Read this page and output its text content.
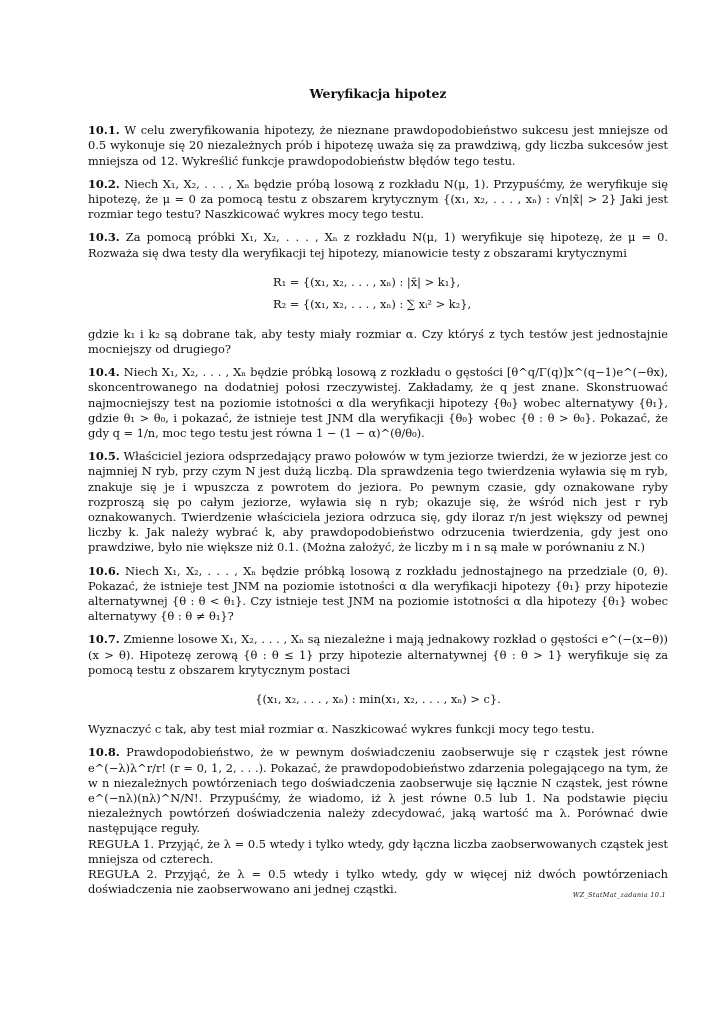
Weryfikacja hipotez

10.1. W celu zweryfikowania hipotezy, że nieznane prawdopodobieństwo sukcesu jest mniejsze od 0.5 wykonuje się 20 niezależnych prób i hipotezę uważa się za prawdziwą, gdy liczba sukcesów jest mniejsza od 12. Wykreślić funkcje prawdopodobieństw błędów tego testu.

10.2. Niech X₁, X₂, . . . , Xₙ będzie próbą losową z rozkładu N(μ, 1). Przypuśćmy, że weryfikuje się hipotezę, że μ = 0 za pomocą testu z obszarem krytycznym {(x₁, x₂, . . . , xₙ) : √n|x̄| > 2} Jaki jest rozmiar tego testu? Naszkicować wykres mocy tego testu.

10.3. Za pomocą próbki X₁, X₂, . . . , Xₙ z rozkładu N(μ, 1) weryfikuje się hipotezę, że μ = 0. Rozważa się dwa testy dla weryfikacji tej hipotezy, mianowicie testy z obszarami krytycznymi
R₁ = {(x₁, x₂, . . . , xₙ) : |x̄| > k₁},
R₂ = {(x₁, x₂, . . . , xₙ) : ∑ xᵢ² > k₂},
gdzie k₁ i k₂ są dobrane tak, aby testy miały rozmiar α. Czy któryś z tych testów jest jednostajnie mocniejszy od drugiego?

10.4. Niech X₁, X₂, . . . , Xₙ będzie próbką losową z rozkładu o gęstości [θ^q/Γ(q)]x^(q−1)e^(−θx), skoncentrowanego na dodatniej połosi rzeczywistej. Zakładamy, że q jest znane. Skonstruować najmocniejszy test na poziomie istotności α dla weryfikacji hipotezy {θ₀} wobec alternatywy {θ₁}, gdzie θ₁ > θ₀, i pokazać, że istnieje test JNM dla weryfikacji {θ₀} wobec {θ : θ > θ₀}. Pokazać, że gdy q = 1/n, moc tego testu jest równa 1 − (1 − α)^(θ/θ₀).

10.5. Właściciel jeziora odsprzedający prawo połowów w tym jeziorze twierdzi, że w jeziorze jest co najmniej N ryb, przy czym N jest dużą liczbą. Dla sprawdzenia tego twierdzenia wyławia się m ryb, znakuje się je i wpuszcza z powrotem do jeziora. Po pewnym czasie, gdy oznakowane ryby rozproszą się po całym jeziorze, wyławia się n ryb; okazuje się, że wśród nich jest r ryb oznakowanych. Twierdzenie właściciela jeziora odrzuca się, gdy iloraz r/n jest większy od pewnej liczby k. Jak należy wybrać k, aby prawdopodobieństwo odrzucenia twierdzenia, gdy jest ono prawdziwe, było nie większe niż 0.1. (Można założyć, że liczby m i n są małe w porównaniu z N.)

10.6. Niech X₁, X₂, . . . , Xₙ będzie próbką losową z rozkładu jednostajnego na przedziale (0, θ). Pokazać, że istnieje test JNM na poziomie istotności α dla weryfikacji hipotezy {θ₁} przy hipotezie alternatywnej {θ : θ < θ₁}. Czy istnieje test JNM na poziomie istotności α dla hipotezy {θ₁} wobec alternatywy {θ : θ ≠ θ₁}?

10.7. Zmienne losowe X₁, X₂, . . . , Xₙ są niezależne i mają jednakowy rozkład o gęstości e^(−(x−θ)) (x > θ). Hipotezę zerową {θ : θ ≤ 1} przy hipotezie alternatywnej {θ : θ > 1} weryfikuje się za pomocą testu z obszarem krytycznym postaci
{(x₁, x₂, . . . , xₙ) : min(x₁, x₂, . . . , xₙ) > c}.
Wyznaczyć c tak, aby test miał rozmiar α. Naszkicować wykres funkcji mocy tego testu.
10.8. Prawdopodobieństwo, że w pewnym doświadczeniu zaobserwuje się r cząstek jest równe e^(−λ)λ^r/r! (r = 0, 1, 2, . . .). Pokazać, że prawdopodobieństwo zdarzenia polegającego na tym, że w n niezależnych powtórzeniach tego doświadczenia zaobserwuje się łącznie N cząstek, jest równe e^(−nλ)(nλ)^N/N!. Przypuśćmy, że wiadomo, iż λ jest równe 0.5 lub 1. Na podstawie pięciu niezależnych powtórzeń doświadczenia należy zdecydować, jaką wartość ma λ. Porównać dwie następujące reguły.

REGUŁA 1. Przyjąć, że λ = 0.5 wtedy i tylko wtedy, gdy łączna liczba zaobserwowanych cząstek jest mniejsza od czterech.

REGUŁA 2. Przyjąć, że λ = 0.5 wtedy i tylko wtedy, gdy w więcej niż dwóch powtórzeniach doświadczenia nie zaobserwowano ani jednej cząstki.	WZ_StatMat_zadania 10.1
